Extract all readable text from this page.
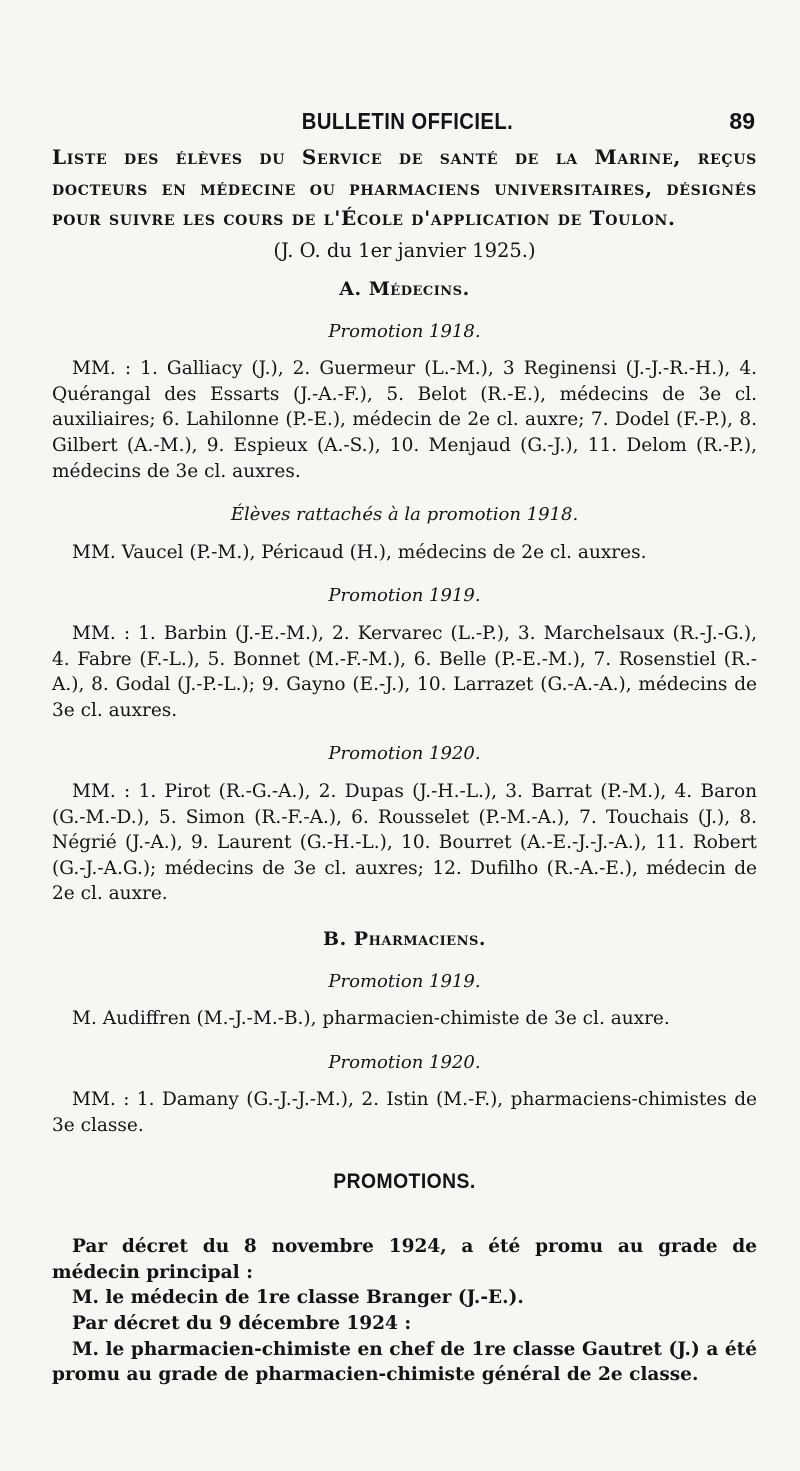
BULLETIN OFFICIEL.	89

Liste des élèves du Service de santé de la Marine, reçus docteurs en médecine ou pharmaciens universitaires, désignés pour suivre les cours de l'École d'application de Toulon.

(J. O. du 1er janvier 1925.)

A. Médecins.

Promotion 1918.

MM. : 1. Galliacy (J.), 2. Guermeur (L.-M.), 3 Reginensi (J.-J.-R.-H.), 4. Quérangal des Essarts (J.-A.-F.), 5. Belot (R.-E.), médecins de 3e cl. auxiliaires; 6. Lahilonne (P.-E.), médecin de 2e cl. auxre; 7. Dodel (F.-P.), 8. Gilbert (A.-M.), 9. Espieux (A.-S.), 10. Menjaud (G.-J.), 11. Delom (R.-P.), médecins de 3e cl. auxres.

Élèves rattachés à la promotion 1918.

MM. Vaucel (P.-M.), Péricaud (H.), médecins de 2e cl. auxres.

Promotion 1919.

MM. : 1. Barbin (J.-E.-M.), 2. Kervarec (L.-P.), 3. Marchelsaux (R.-J.-G.), 4. Fabre (F.-L.), 5. Bonnet (M.-F.-M.), 6. Belle (P.-E.-M.), 7. Rosenstiel (R.-A.), 8. Godal (J.-P.-L.); 9. Gayno (E.-J.), 10. Larrazet (G.-A.-A.), médecins de 3e cl. auxres.

Promotion 1920.

MM. : 1. Pirot (R.-G.-A.), 2. Dupas (J.-H.-L.), 3. Barrat (P.-M.), 4. Baron (G.-M.-D.), 5. Simon (R.-F.-A.), 6. Rousselet (P.-M.-A.), 7. Touchais (J.), 8. Négrié (J.-A.), 9. Laurent (G.-H.-L.), 10. Bourret (A.-E.-J.-J.-A.), 11. Robert (G.-J.-A.G.); médecins de 3e cl. auxres; 12. Dufilho (R.-A.-E.), médecin de 2e cl. auxre.

B. Pharmaciens.

Promotion 1919.

M. Audiffren (M.-J.-M.-B.), pharmacien-chimiste de 3e cl. auxre.

Promotion 1920.

MM. : 1. Damany (G.-J.-J.-M.), 2. Istin (M.-F.), pharmaciens-chimistes de 3e classe.

PROMOTIONS.

Par décret du 8 novembre 1924, a été promu au grade de médecin principal :

M. le médecin de 1re classe Branger (J.-E.).

Par décret du 9 décembre 1924 :

M. le pharmacien-chimiste en chef de 1re classe Gautret (J.) a été promu au grade de pharmacien-chimiste général de 2e classe.
